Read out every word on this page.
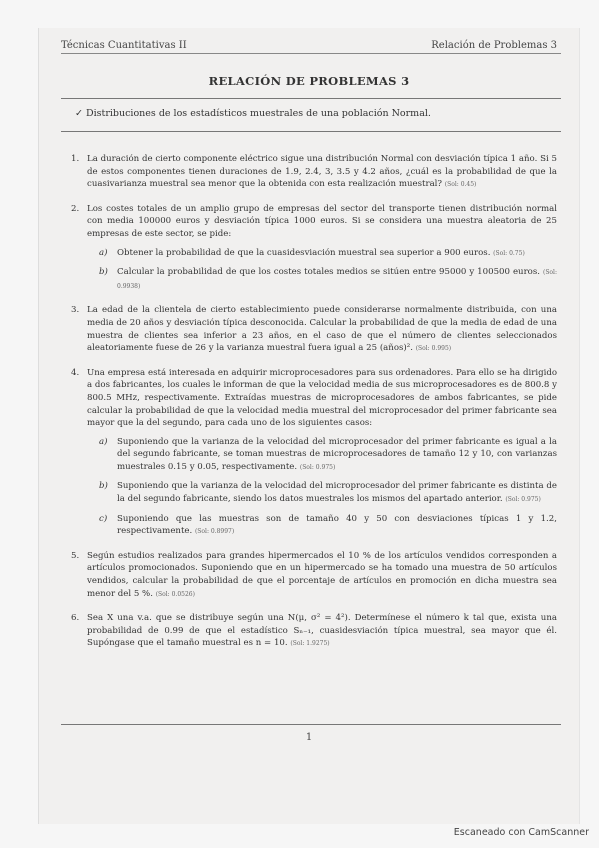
Técnicas Cuantitativas II	Relación de Problemas 3
RELACIÓN DE PROBLEMAS 3
✓ Distribuciones de los estadísticos muestrales de una población Normal.
1. La duración de cierto componente eléctrico sigue una distribución Normal con desviación típica 1 año. Si 5 de estos componentes tienen duraciones de 1.9, 2.4, 3, 3.5 y 4.2 años, ¿cuál es la probabilidad de que la cuasivarianza muestral sea menor que la obtenida con esta realización muestral? (Sol: 0.45)
2. Los costes totales de un amplio grupo de empresas del sector del transporte tienen distribución normal con media 100000 euros y desviación típica 1000 euros. Si se considera una muestra aleatoria de 25 empresas de este sector, se pide:
a) Obtener la probabilidad de que la cuasidesviación muestral sea superior a 900 euros. (Sol: 0.75)
b) Calcular la probabilidad de que los costes totales medios se sitúen entre 95000 y 100500 euros. (Sol: 0.9938)
3. La edad de la clientela de cierto establecimiento puede considerarse normalmente distribuida, con una media de 20 años y desviación típica desconocida. Calcular la probabilidad de que la media de edad de una muestra de clientes sea inferior a 23 años, en el caso de que el número de clientes seleccionados aleatoriamente fuese de 26 y la varianza muestral fuera igual a 25 (años)². (Sol: 0.995)
4. Una empresa está interesada en adquirir microprocesadores para sus ordenadores. Para ello se ha dirigido a dos fabricantes, los cuales le informan de que la velocidad media de sus microprocesadores es de 800.8 y 800.5 MHz, respectivamente. Extraídas muestras de microprocesadores de ambos fabricantes, se pide calcular la probabilidad de que la velocidad media muestral del microprocesador del primer fabricante sea mayor que la del segundo, para cada uno de los siguientes casos:
a) Suponiendo que la varianza de la velocidad del microprocesador del primer fabricante es igual a la del segundo fabricante, se toman muestras de microprocesadores de tamaño 12 y 10, con varianzas muestrales 0.15 y 0.05, respectivamente. (Sol: 0.975)
b) Suponiendo que la varianza de la velocidad del microprocesador del primer fabricante es distinta de la del segundo fabricante, siendo los datos muestrales los mismos del apartado anterior. (Sol: 0.975)
c) Suponiendo que las muestras son de tamaño 40 y 50 con desviaciones típicas 1 y 1.2, respectivamente. (Sol: 0.8997)
5. Según estudios realizados para grandes hipermercados el 10 % de los artículos vendidos corresponden a artículos promocionados. Suponiendo que en un hipermercado se ha tomado una muestra de 50 artículos vendidos, calcular la probabilidad de que el porcentaje de artículos en promoción en dicha muestra sea menor del 5 %. (Sol: 0.0526)
6. Sea X una v.a. que se distribuye según una N(μ, σ² = 4²). Determínese el número k tal que, exista una probabilidad de 0.99 de que el estadístico Sₙ₋₁, cuasidesviación típica muestral, sea mayor que él. Supóngase que el tamaño muestral es n = 10. (Sol: 1.9275)
1
Escaneado con CamScanner
